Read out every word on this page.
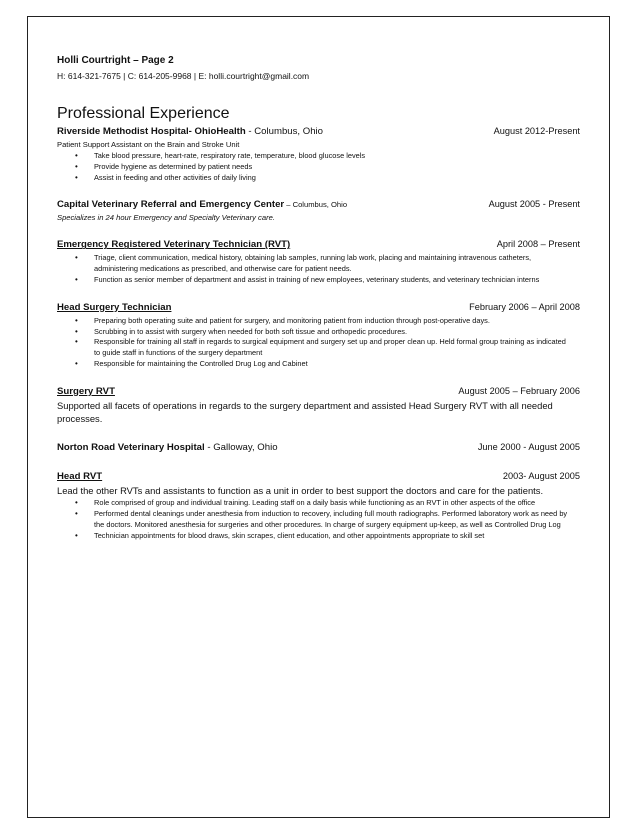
Holli Courtright – Page 2
H: 614-321-7675 | C: 614-205-9968 | E: holli.courtright@gmail.com
Professional Experience
Riverside Methodist Hospital- OhioHealth - Columbus, Ohio	August 2012-Present
Patient Support Assistant on the Brain and Stroke Unit
• Take blood pressure, heart-rate, respiratory rate, temperature, blood glucose levels
• Provide hygiene as determined by patient needs
• Assist in feeding and other activities of daily living
Capital Veterinary Referral and Emergency Center – Columbus, Ohio	August 2005 - Present
Specializes in 24 hour Emergency and Specialty Veterinary care.
Emergency Registered Veterinary Technician (RVT)	April 2008 – Present
• Triage, client communication, medical history, obtaining lab samples, running lab work, placing and maintaining intravenous catheters, administering medications as prescribed, and otherwise care for patient needs.
• Function as senior member of department and assist in training of new employees, veterinary students, and veterinary technician interns
Head Surgery Technician	February 2006 – April 2008
• Preparing both operating suite and patient for surgery, and monitoring patient from induction through post-operative days.
• Scrubbing in to assist with surgery when needed for both soft tissue and orthopedic procedures.
• Responsible for training all staff in regards to surgical equipment and surgery set up and proper clean up. Held formal group training as indicated to guide staff in functions of the surgery department
• Responsible for maintaining the Controlled Drug Log and Cabinet
Surgery RVT	August 2005 – February 2006
Supported all facets of operations in regards to the surgery department and assisted Head Surgery RVT with all needed processes.
Norton Road Veterinary Hospital - Galloway, Ohio	June 2000 - August 2005
Head RVT	2003- August 2005
Lead the other RVTs and assistants to function as a unit in order to best support the doctors and care for the patients.
• Role comprised of group and individual training. Leading staff on a daily basis while functioning as an RVT in other aspects of the office
• Performed dental cleanings under anesthesia from induction to recovery, including full mouth radiographs. Performed laboratory work as need by the doctors. Monitored anesthesia for surgeries and other procedures. In charge of surgery equipment up-keep, as well as Controlled Drug Log
• Technician appointments for blood draws, skin scrapes, client education, and other appointments appropriate to skill set
